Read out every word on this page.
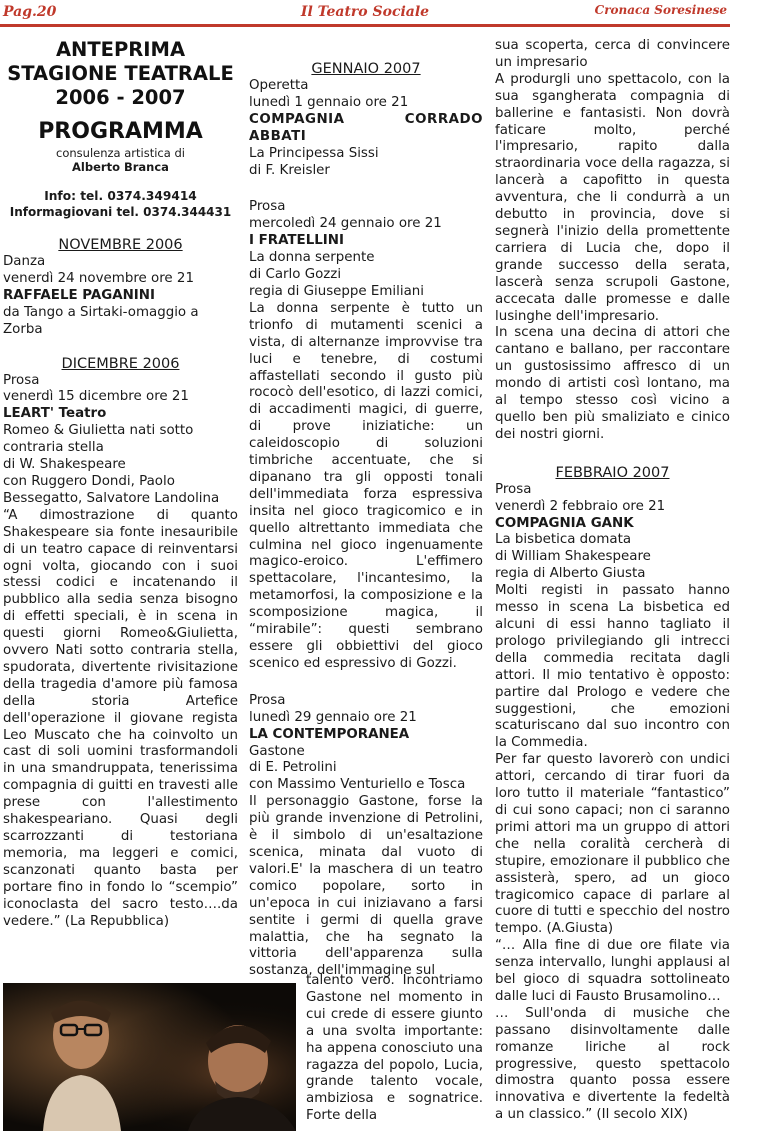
Pag.20	Il Teatro Sociale	Cronaca Soresinese
ANTEPRIMA
STAGIONE TEATRALE
2006 - 2007
PROGRAMMA
consulenza artistica di
Alberto Branca
Info: tel. 0374.349414
Informagiovani tel. 0374.344431
NOVEMBRE 2006
Danza
venerdì 24 novembre ore 21
RAFFAELE PAGANINI
da Tango a Sirtaki-omaggio a Zorba
DICEMBRE 2006
Prosa
venerdì 15 dicembre ore 21
LEART' Teatro
Romeo & Giulietta nati sotto contraria stella
di W. Shakespeare
con Ruggero Dondi, Paolo Bessegatto, Salvatore Landolina
“A dimostrazione di quanto Shakespeare sia fonte inesauribile di un teatro capace di reinventarsi ogni volta, giocando con i suoi stessi codici e incatenando il pubblico alla sedia senza bisogno di effetti speciali, è in scena in questi giorni Romeo&Giulietta, ovvero Nati sotto contraria stella, spudorata, divertente rivisitazione della tragedia d'amore più famosa della storia Artefice dell'operazione il giovane regista Leo Muscato che ha coinvolto un cast di soli uomini trasformandoli in una smandruppata, tenerissima compagnia di guitti en travesti alle prese con l'allestimento shakespeariano. Quasi degli scarrozzanti di testoriana memoria, ma leggeri e comici, scanzonati quanto basta per portare fino in fondo lo “scempio” iconoclasta del sacro testo….da vedere.” (La Repubblica)
GENNAIO 2007
Operetta
lunedì 1 gennaio ore 21
COMPAGNIA CORRADO ABBATI
La Principessa Sissi
di F. Kreisler
Prosa
mercoledì 24 gennaio ore 21
I FRATELLINI
La donna serpente
di Carlo Gozzi
regia di Giuseppe Emiliani
La donna serpente è tutto un trionfo di mutamenti scenici a vista, di alternanze improvvise tra luci e tenebre, di costumi affastellati secondo il gusto più rococò dell'esotico, di lazzi comici, di accadimenti magici, di guerre, di prove iniziatiche: un caleidoscopio di soluzioni timbriche accentuate, che si dipanano tra gli opposti tonali dell'immediata forza espressiva insita nel gioco tragicomico e in quello altrettanto immediata che culmina nel gioco ingenuamente magico-eroico. L'effimero spettacolare, l'incantesimo, la metamorfosi, la composizione e la scomposizione magica, il “mirabile”: questi sembrano essere gli obbiettivi del gioco scenico ed espressivo di Gozzi.
Prosa
lunedì 29 gennaio ore 21
LA CONTEMPORANEA
Gastone
di E. Petrolini
con Massimo Venturiello e Tosca
Il personaggio Gastone, forse la più grande invenzione di Petrolini, è il simbolo di un'esaltazione scenica, minata dal vuoto di valori.E' la maschera di un teatro comico popolare, sorto in un'epoca in cui iniziavano a farsi sentite i germi di quella grave malattia, che ha segnato la vittoria dell'apparenza sulla sostanza, dell'immagine sul
talento vero. Incontriamo Gastone nel momento in cui crede di essere giunto a una svolta importante: ha appena conosciuto una ragazza del popolo, Lucia, grande talento vocale, ambiziosa e sognatrice. Forte della
sua scoperta, cerca di convincere un impresario
A produrgli uno spettacolo, con la sua sgangherata compagnia di ballerine e fantasisti. Non dovrà faticare molto, perché l'impresario, rapito dalla straordinaria voce della ragazza, si lancerà a capofitto in questa avventura, che li condurrà a un debutto in provincia, dove si segnerà l'inizio della promettente carriera di Lucia che, dopo il grande successo della serata, lascerà senza scrupoli Gastone, accecata dalle promesse e dalle lusinghe dell'impresario.
In scena una decina di attori che cantano e ballano, per raccontare un gustosissimo affresco di un mondo di artisti così lontano, ma al tempo stesso così vicino a quello ben più smaliziato e cinico dei nostri giorni.
FEBBRAIO 2007
Prosa
venerdì 2 febbraio ore 21
COMPAGNIA GANK
La bisbetica domata
di William Shakespeare
regia di Alberto Giusta
Molti registi in passato hanno messo in scena La bisbetica ed alcuni di essi hanno tagliato il prologo privilegiando gli intrecci della commedia recitata dagli attori. Il mio tentativo è opposto: partire dal Prologo e vedere che suggestioni, che emozioni scaturiscano dal suo incontro con la Commedia.
Per far questo lavorerò con undici attori, cercando di tirar fuori da loro tutto il materiale “fantastico” di cui sono capaci; non ci saranno primi attori ma un gruppo di attori che nella coralità cercherà di stupire, emozionare il pubblico che assisterà, spero, ad un gioco tragicomico capace di parlare al cuore di tutti e specchio del nostro tempo. (A.Giusta)
“… Alla fine di due ore filate via senza intervallo, lunghi applausi al bel gioco di squadra sottolineato dalle luci di Fausto Brusamolino…
… Sull'onda di musiche che passano disinvoltamente dalle romanze liriche al rock progressive, questo spettacolo dimostra quanto possa essere innovativa e divertente la fedeltà a un classico.” (Il secolo XIX)
